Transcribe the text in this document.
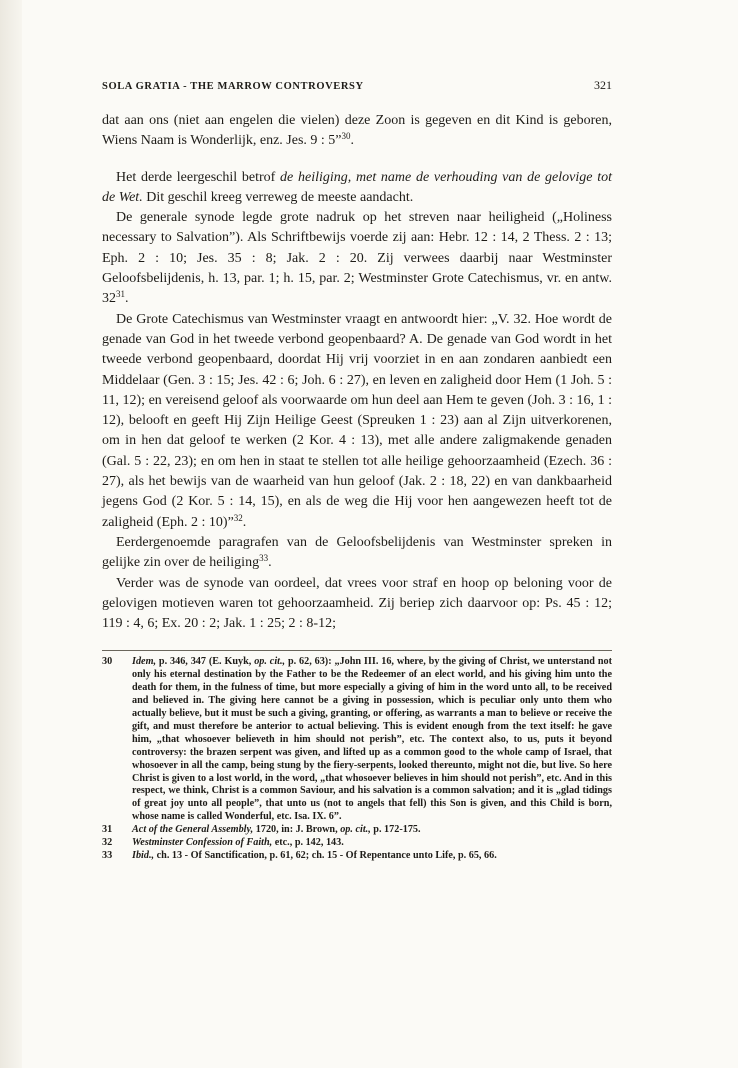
SOLA GRATIA - THE MARROW CONTROVERSY	321

dat aan ons (niet aan engelen die vielen) deze Zoon is gegeven en dit Kind is geboren, Wiens Naam is Wonderlijk, enz. Jes. 9 : 5”$^{30}$.

Het derde leergeschil betrof de heiliging, met name de verhouding van de gelovige tot de Wet. Dit geschil kreeg verreweg de meeste aandacht.

De generale synode legde grote nadruk op het streven naar heiligheid („Holiness necessary to Salvation”). Als Schriftbewijs voerde zij aan: Hebr. 12 : 14, 2 Thess. 2 : 13; Eph. 2 : 10; Jes. 35 : 8; Jak. 2 : 20. Zij verwees daarbij naar Westminster Geloofsbelijdenis, h. 13, par. 1; h. 15, par. 2; Westminster Grote Catechismus, vr. en antw. $32^{31}$.

De Grote Catechismus van Westminster vraagt en antwoordt hier: „V. 32. Hoe wordt de genade van God in het tweede verbond geopenbaard? A. De genade van God wordt in het tweede verbond geopenbaard, doordat Hij vrij voorziet in en aan zondaren aanbiedt een Middelaar (Gen. 3 : 15; Jes. 42 : 6; Joh. 6 : 27), en leven en zaligheid door Hem (1 Joh. 5 : 11, 12); en vereisend geloof als voorwaarde om hun deel aan Hem te geven (Joh. 3 : 16, 1 : 12), belooft en geeft Hij Zijn Heilige Geest (Spreuken 1 : 23) aan al Zijn uitverkorenen, om in hen dat geloof te werken (2 Kor. 4 : 13), met alle andere zaligmakende genaden (Gal. 5 : 22, 23); en om hen in staat te stellen tot alle heilige gehoorzaamheid (Ezech. 36 : 27), als het bewijs van de waarheid van hun geloof (Jak. 2 : 18, 22) en van dankbaarheid jegens God (2 Kor. 5 : 14, 15), en als de weg die Hij voor hen aangewezen heeft tot de zaligheid (Eph. 2 : 10)”$^{32}$.

Eerdergenoemde paragrafen van de Geloofsbelijdenis van Westminster spreken in gelijke zin over de heiliging$^{33}$.

Verder was de synode van oordeel, dat vrees voor straf en hoop op beloning voor de gelovigen motieven waren tot gehoorzaamheid. Zij beriep zich daarvoor op: Ps. 45 : 12; 119 : 4, 6; Ex. 20 : 2; Jak. 1 : 25; 2 : 8-12;

30	Idem, p. 346, 347 (E. Kuyk, op. cit., p. 62, 63): „John III. 16, where, by the giving of Christ, we unterstand not only his eternal destination by the Father to be the Redeemer of an elect world, and his giving him unto the death for them, in the fulness of time, but more especially a giving of him in the word unto all, to be received and believed in. The giving here cannot be a giving in possession, which is peculiar only unto them who actually believe, but it must be such a giving, granting, or offering, as warrants a man to believe or receive the gift, and must therefore be anterior to actual believing. This is evident enough from the text itself: he gave him, „that whosoever believeth in him should not perish”, etc. The context also, to us, puts it beyond controversy: the brazen serpent was given, and lifted up as a common good to the whole camp of Israel, that whosoever in all the camp, being stung by the fiery-serpents, looked thereunto, might not die, but live. So here Christ is given to a lost world, in the word, „that whosoever believes in him should not perish”, etc. And in this respect, we think, Christ is a common Saviour, and his salvation is a common salvation; and it is „glad tidings of great joy unto all people”, that unto us (not to angels that fell) this Son is given, and this Child is born, whose name is called Wonderful, etc. Isa. IX. 6”.
31	Act of the General Assembly, 1720, in: J. Brown, op. cit., p. 172-175.
32	Westminster Confession of Faith, etc., p. 142, 143.
33	Ibid., ch. 13 - Of Sanctification, p. 61, 62; ch. 15 - Of Repentance unto Life, p. 65, 66.
